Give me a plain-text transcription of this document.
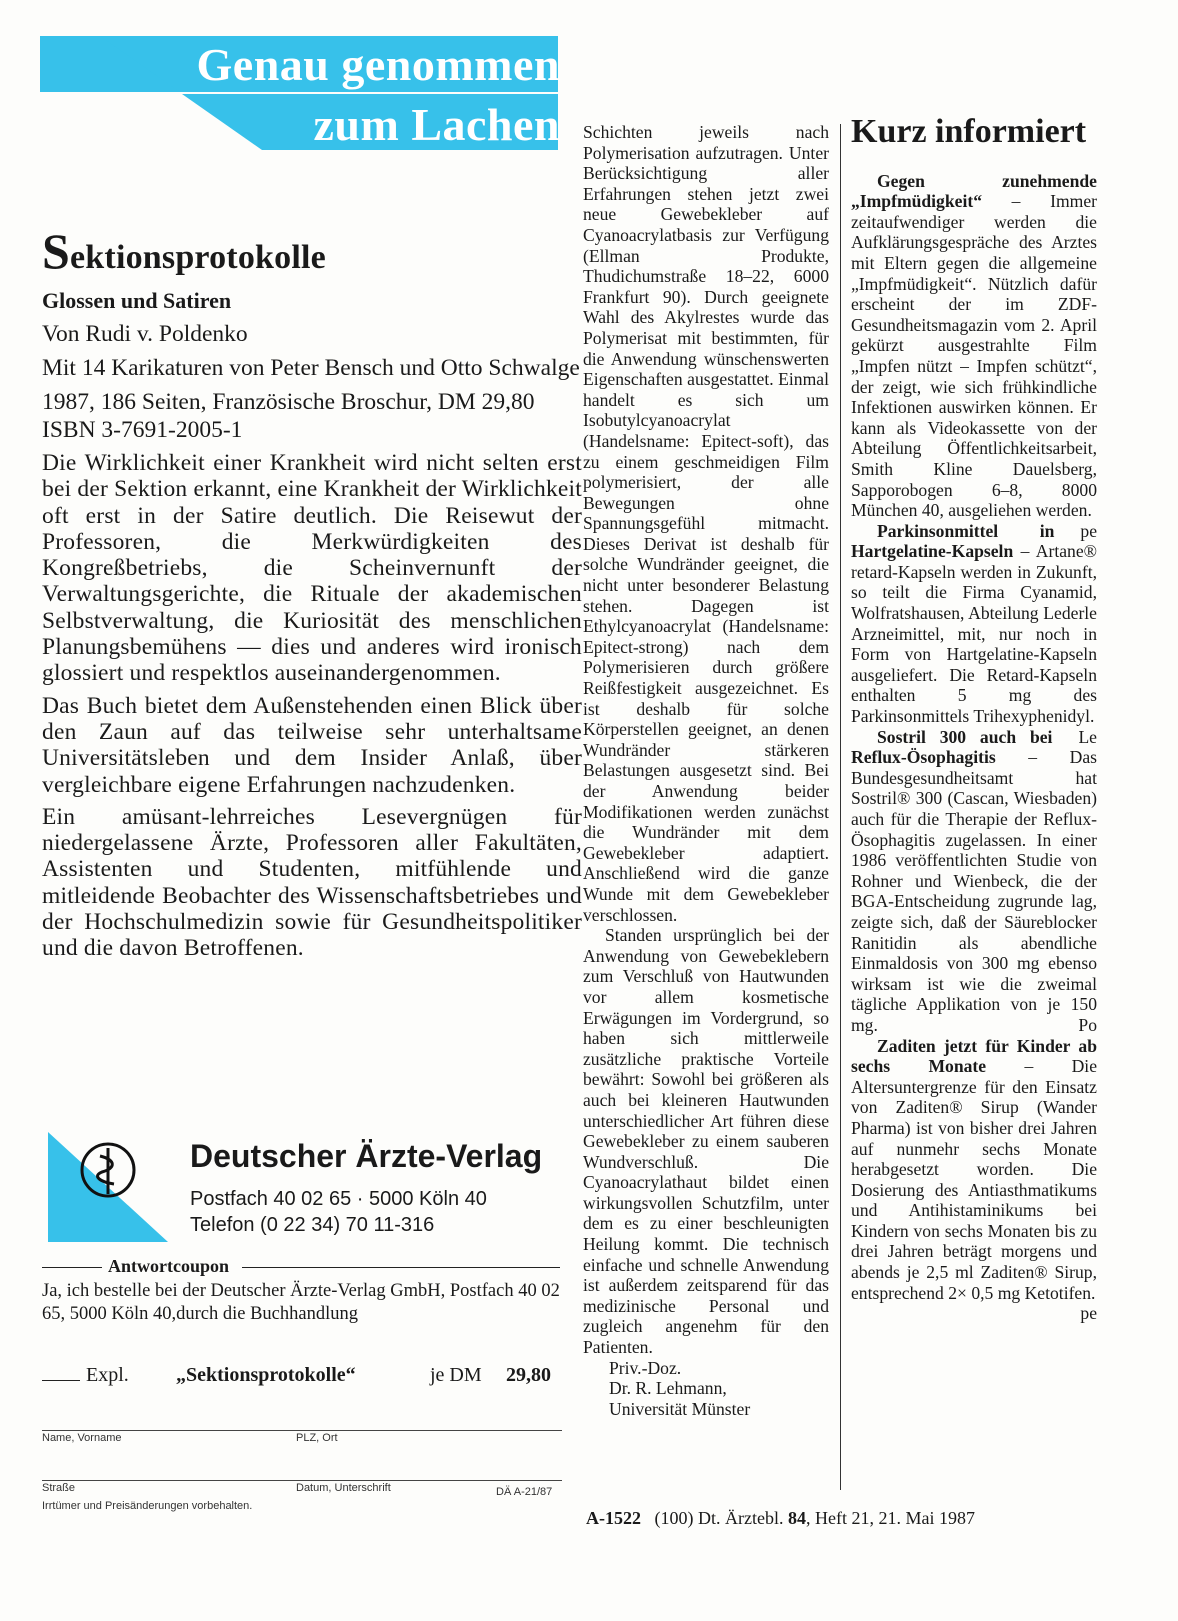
Genau genommen
zum Lachen
Sektionsprotokolle
Glossen und Satiren

Von Rudi v. Poldenko

Mit 14 Karikaturen von Peter Bensch und Otto Schwalge

1987, 186 Seiten, Französische Broschur, DM 29,80 ISBN 3-7691-2005-1

Die Wirklichkeit einer Krankheit wird nicht selten erst bei der Sektion erkannt, eine Krankheit der Wirklichkeit oft erst in der Satire deutlich. Die Reisewut der Professoren, die Merkwürdigkeiten des Kongreßbetriebs, die Scheinvernunft der Verwaltungsgerichte, die Rituale der akademischen Selbstverwaltung, die Kuriosität des menschlichen Planungsbemühens — dies und anderes wird ironisch glossiert und respektlos auseinandergenommen.

Das Buch bietet dem Außenstehenden einen Blick über den Zaun auf das teilweise sehr unterhaltsame Universitätsleben und dem Insider Anlaß, über vergleichbare eigene Erfahrungen nachzudenken.

Ein amüsant-lehrreiches Lesevergnügen für niedergelassene Ärzte, Professoren aller Fakultäten, Assistenten und Studenten, mitfühlende und mitleidende Beobachter des Wissenschaftsbetriebes und der Hochschulmedizin sowie für Gesundheitspolitiker und die davon Betroffenen.

Deutscher Ärzte-Verlag
Postfach 40 02 65 · 5000 Köln 40
Telefon (0 22 34) 70 11-316
Antwortcoupon

Ja, ich bestelle bei der Deutscher Ärzte-Verlag GmbH, Postfach 40 02 65, 5000 Köln 40,durch die Buchhandlung

Expl. „Sektionsprotokolle“	je DM 29,80
Name, Vorname	PLZ, Ort
Straße	Datum, Unterschrift	DÄ A-21/87
Irrtümer und Preisänderungen vorbehalten.

Schichten jeweils nach Polymerisation aufzutragen. Unter Berücksichtigung aller Erfahrungen stehen jetzt zwei neue Gewebekleber auf Cyanoacrylatbasis zur Verfügung (Ellman Produkte, Thudichumstraße 18–22, 6000 Frankfurt 90). Durch geeignete Wahl des Akylrestes wurde das Polymerisat mit bestimmten, für die Anwendung wünschenswerten Eigenschaften ausgestattet. Einmal handelt es sich um Isobutylcyanoacrylat (Handelsname: Epitect-soft), das zu einem geschmeidigen Film polymerisiert, der alle Bewegungen ohne Spannungsgefühl mitmacht. Dieses Derivat ist deshalb für solche Wundränder geeignet, die nicht unter besonderer Belastung stehen. Dagegen ist Ethylcyanoacrylat (Handelsname: Epitect-strong) nach dem Polymerisieren durch größere Reißfestigkeit ausgezeichnet. Es ist deshalb für solche Körperstellen geeignet, an denen Wundränder stärkeren Belastungen ausgesetzt sind. Bei der Anwendung beider Modifikationen werden zunächst die Wundränder mit dem Gewebekleber adaptiert. Anschließend wird die ganze Wunde mit dem Gewebekleber verschlossen.

Standen ursprünglich bei der Anwendung von Gewebeklebern zum Verschluß von Hautwunden vor allem kosmetische Erwägungen im Vordergrund, so haben sich mittlerweile zusätzliche praktische Vorteile bewährt: Sowohl bei größeren als auch bei kleineren Hautwunden unterschiedlicher Art führen diese Gewebekleber zu einem sauberen Wundverschluß. Die Cyanoacrylathaut bildet einen wirkungsvollen Schutzfilm, unter dem es zu einer beschleunigten Heilung kommt. Die technisch einfache und schnelle Anwendung ist außerdem zeitsparend für das medizinische Personal und zugleich angenehm für den Patienten.

Priv.-Doz.

Dr. R. Lehmann,

Universität Münster

Kurz informiert

Gegen zunehmende „Impfmüdigkeit“ – Immer zeitaufwendiger werden die Aufklärungsgespräche des Arztes mit Eltern gegen die allgemeine „Impfmüdigkeit“. Nützlich dafür erscheint der im ZDF-Gesundheitsmagazin vom 2. April gekürzt ausgestrahlte Film „Impfen nützt – Impfen schützt“, der zeigt, wie sich frühkindliche Infektionen auswirken können. Er kann als Videokassette von der Abteilung Öffentlichkeitsarbeit, Smith Kline Dauelsberg, Sapporobogen 6–8, 8000 München 40, ausgeliehen werden.
pe

Parkinsonmittel in Hartgelatine-Kapseln – Artane® retard-Kapseln werden in Zukunft, so teilt die Firma Cyanamid, Wolfratshausen, Abteilung Lederle Arzneimittel, mit, nur noch in Form von Hartgelatine-Kapseln ausgeliefert. Die Retard-Kapseln enthalten 5 mg des Parkinsonmittels Trihexyphenidyl.
Le

Sostril 300 auch bei Reflux-Ösophagitis – Das Bundesgesundheitsamt hat Sostril® 300 (Cascan, Wiesbaden) auch für die Therapie der Reflux-Ösophagitis zugelassen. In einer 1986 veröffentlichten Studie von Rohner und Wienbeck, die der BGA-Entscheidung zugrunde lag, zeigte sich, daß der Säureblocker Ranitidin als abendliche Einmaldosis von 300 mg ebenso wirksam ist wie die zweimal tägliche Applikation von je 150 mg.	Po

Zaditen jetzt für Kinder ab sechs Monate – Die Altersuntergrenze für den Einsatz von Zaditen® Sirup (Wander Pharma) ist von bisher drei Jahren auf nunmehr sechs Monate herabgesetzt worden. Die Dosierung des Antiasthmatikums und Antihistaminikums bei Kindern von sechs Monaten bis zu drei Jahren beträgt morgens und abends je 2,5 ml Zaditen® Sirup, entsprechend 2× 0,5 mg Ketotifen.
pe

A-1522 (100) Dt. Ärztebl. 84, Heft 21, 21. Mai 1987
